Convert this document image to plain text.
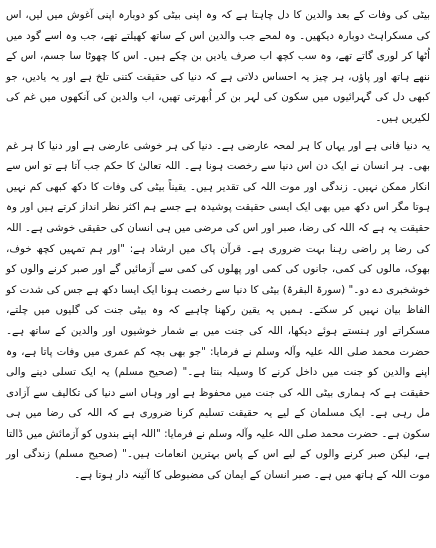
بیٹی کی وفات کے بعد والدین کا دل چاہتا ہے کہ وہ اپنی بیٹی کو دوبارہ اپنی آغوش میں لیں، اس کی مسکراہٹ دوبارہ دیکھیں۔ وہ لمحے جب والدین اس کے ساتھ کھیلتے تھے، جب وہ اسے گود میں اُٹھا کر لوری گاتے تھے، وہ سب کچھ اب صرف یادیں بن چکے ہیں۔ اس کا چھوٹا سا جسم، اس کے ننھے ہاتھ اور پاؤں، ہر چیز یہ احساس دلاتی ہے کہ دنیا کی حقیقت کتنی تلخ ہے اور یہ یادیں، جو کبھی دل کی گہرائیوں میں سکون کی لہر بن کر اُبھرتی تھیں، اب والدین کی آنکھوں میں غم کی لکیریں ہیں۔

یہ دنیا فانی ہے اور یہاں کا ہر لمحہ عارضی ہے۔ دنیا کی ہر خوشی عارضی ہے اور دنیا کا ہر غم بھی۔ ہر انسان نے ایک دن اس دنیا سے رخصت ہونا ہے۔ اللہ تعالیٰ کا حکم جب آتا ہے تو اس سے انکار ممکن نہیں۔ زندگی اور موت اللہ کی تقدیر ہیں۔ یقیناً بیٹی کی وفات کا دکھ کبھی کم نہیں ہوتا مگر اس دکھ میں بھی ایک ایسی حقیقت پوشیدہ ہے جسے ہم اکثر نظر انداز کرتے ہیں اور وہ حقیقت یہ ہے کہ اللہ کی رضا، صبر اور اس کی مرضی میں ہی انسان کی حقیقی خوشی ہے۔ اللہ کی رضا پر راضی رہنا بہت ضروری ہے۔ قرآن پاک میں ارشاد ہے: "اور ہم تمہیں کچھ خوف، بھوک، مالوں کی کمی، جانوں کی کمی اور پھلوں کی کمی سے آزمائیں گے اور صبر کرنے والوں کو خوشخبری دے دو۔" (سورۃ البقرۃ) بیٹی کا دنیا سے رخصت ہونا ایک ایسا دکھ ہے جس کی شدت کو الفاظ بیان نہیں کر سکتے۔ ہمیں یہ یقین رکھنا چاہیے کہ وہ بیٹی جنت کی گلیوں میں چلتے، مسکراتے اور ہنستے ہوئے دیکھا، اللہ کی جنت میں بے شمار خوشیوں اور والدین کے ساتھ ہے۔ حضرت محمد صلی اللہ علیہ وآلہ وسلم نے فرمایا: "جو بھی بچہ کم عمری میں وفات پاتا ہے، وہ اپنے والدین کو جنت میں داخل کرنے کا وسیلہ بنتا ہے۔" (صحیح مسلم) یہ ایک تسلی دینے والی حقیقت ہے کہ ہماری بیٹی اللہ کی جنت میں محفوظ ہے اور وہاں اسے دنیا کی تکالیف سے آزادی مل رہی ہے۔ ایک مسلمان کے لیے یہ حقیقت تسلیم کرنا ضروری ہے کہ اللہ کی رضا میں ہی سکون ہے۔ حضرت محمد صلی اللہ علیہ وآلہ وسلم نے فرمایا: "اللہ اپنے بندوں کو آزمائش میں ڈالتا ہے، لیکن صبر کرنے والوں کے لیے اس کے پاس بہترین انعامات ہیں۔" (صحیح مسلم) زندگی اور موت اللہ کے ہاتھ میں ہے۔ صبر انسان کے ایمان کی مضبوطی کا آئینہ دار ہوتا ہے۔
